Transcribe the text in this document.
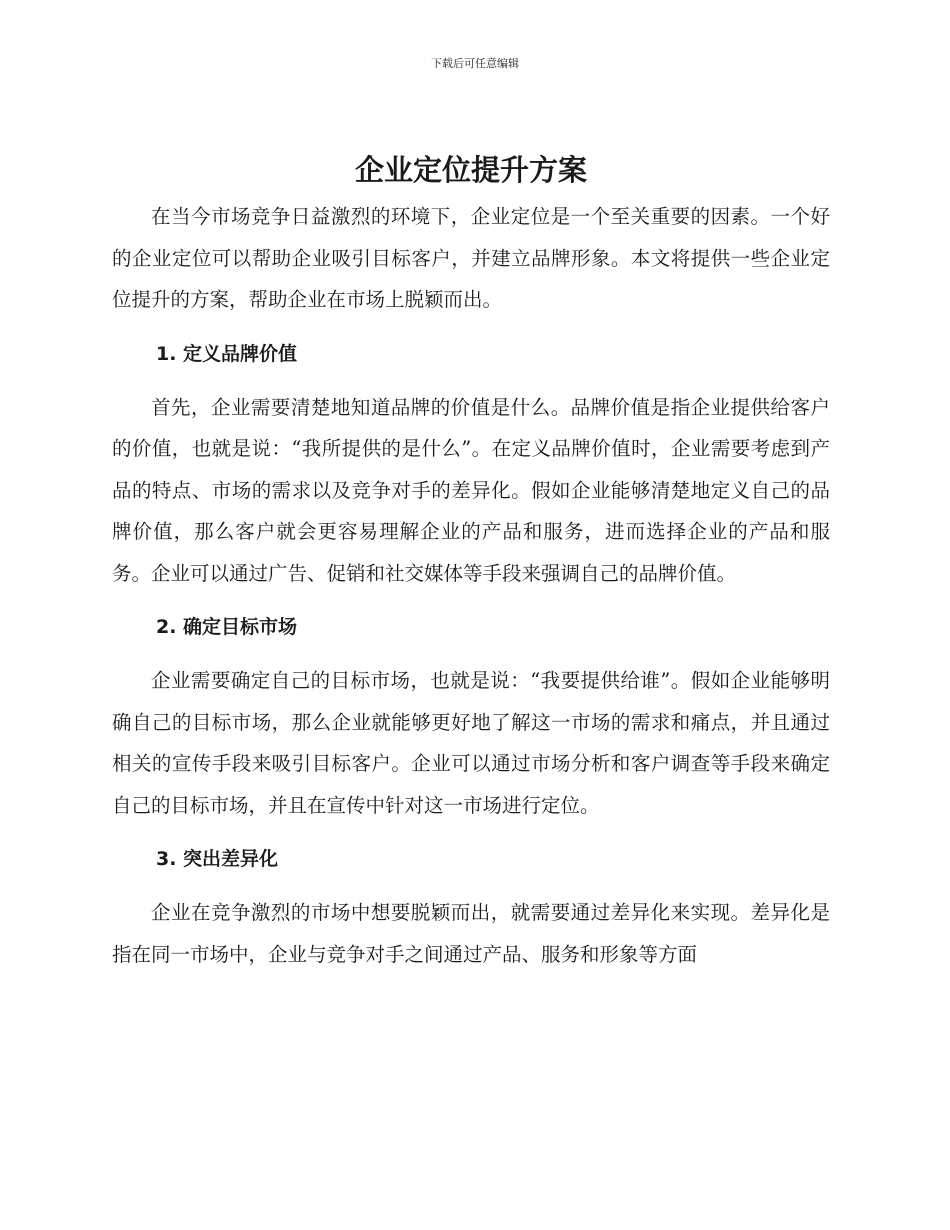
下载后可任意编辑
企业定位提升方案

在当今市场竞争日益激烈的环境下，企业定位是一个至关重要的因素。一个好的企业定位可以帮助企业吸引目标客户，并建立品牌形象。本文将提供一些企业定位提升的方案，帮助企业在市场上脱颖而出。

1. 定义品牌价值

首先，企业需要清楚地知道品牌的价值是什么。品牌价值是指企业提供给客户的价值，也就是说：“我所提供的是什么”。在定义品牌价值时，企业需要考虑到产品的特点、市场的需求以及竞争对手的差异化。假如企业能够清楚地定义自己的品牌价值，那么客户就会更容易理解企业的产品和服务，进而选择企业的产品和服务。企业可以通过广告、促销和社交媒体等手段来强调自己的品牌价值。

2. 确定目标市场

企业需要确定自己的目标市场，也就是说：“我要提供给谁”。假如企业能够明确自己的目标市场，那么企业就能够更好地了解这一市场的需求和痛点，并且通过相关的宣传手段来吸引目标客户。企业可以通过市场分析和客户调查等手段来确定自己的目标市场，并且在宣传中针对这一市场进行定位。

3. 突出差异化

企业在竞争激烈的市场中想要脱颖而出，就需要通过差异化来实现。差异化是指在同一市场中，企业与竞争对手之间通过产品、服务和形象等方面
